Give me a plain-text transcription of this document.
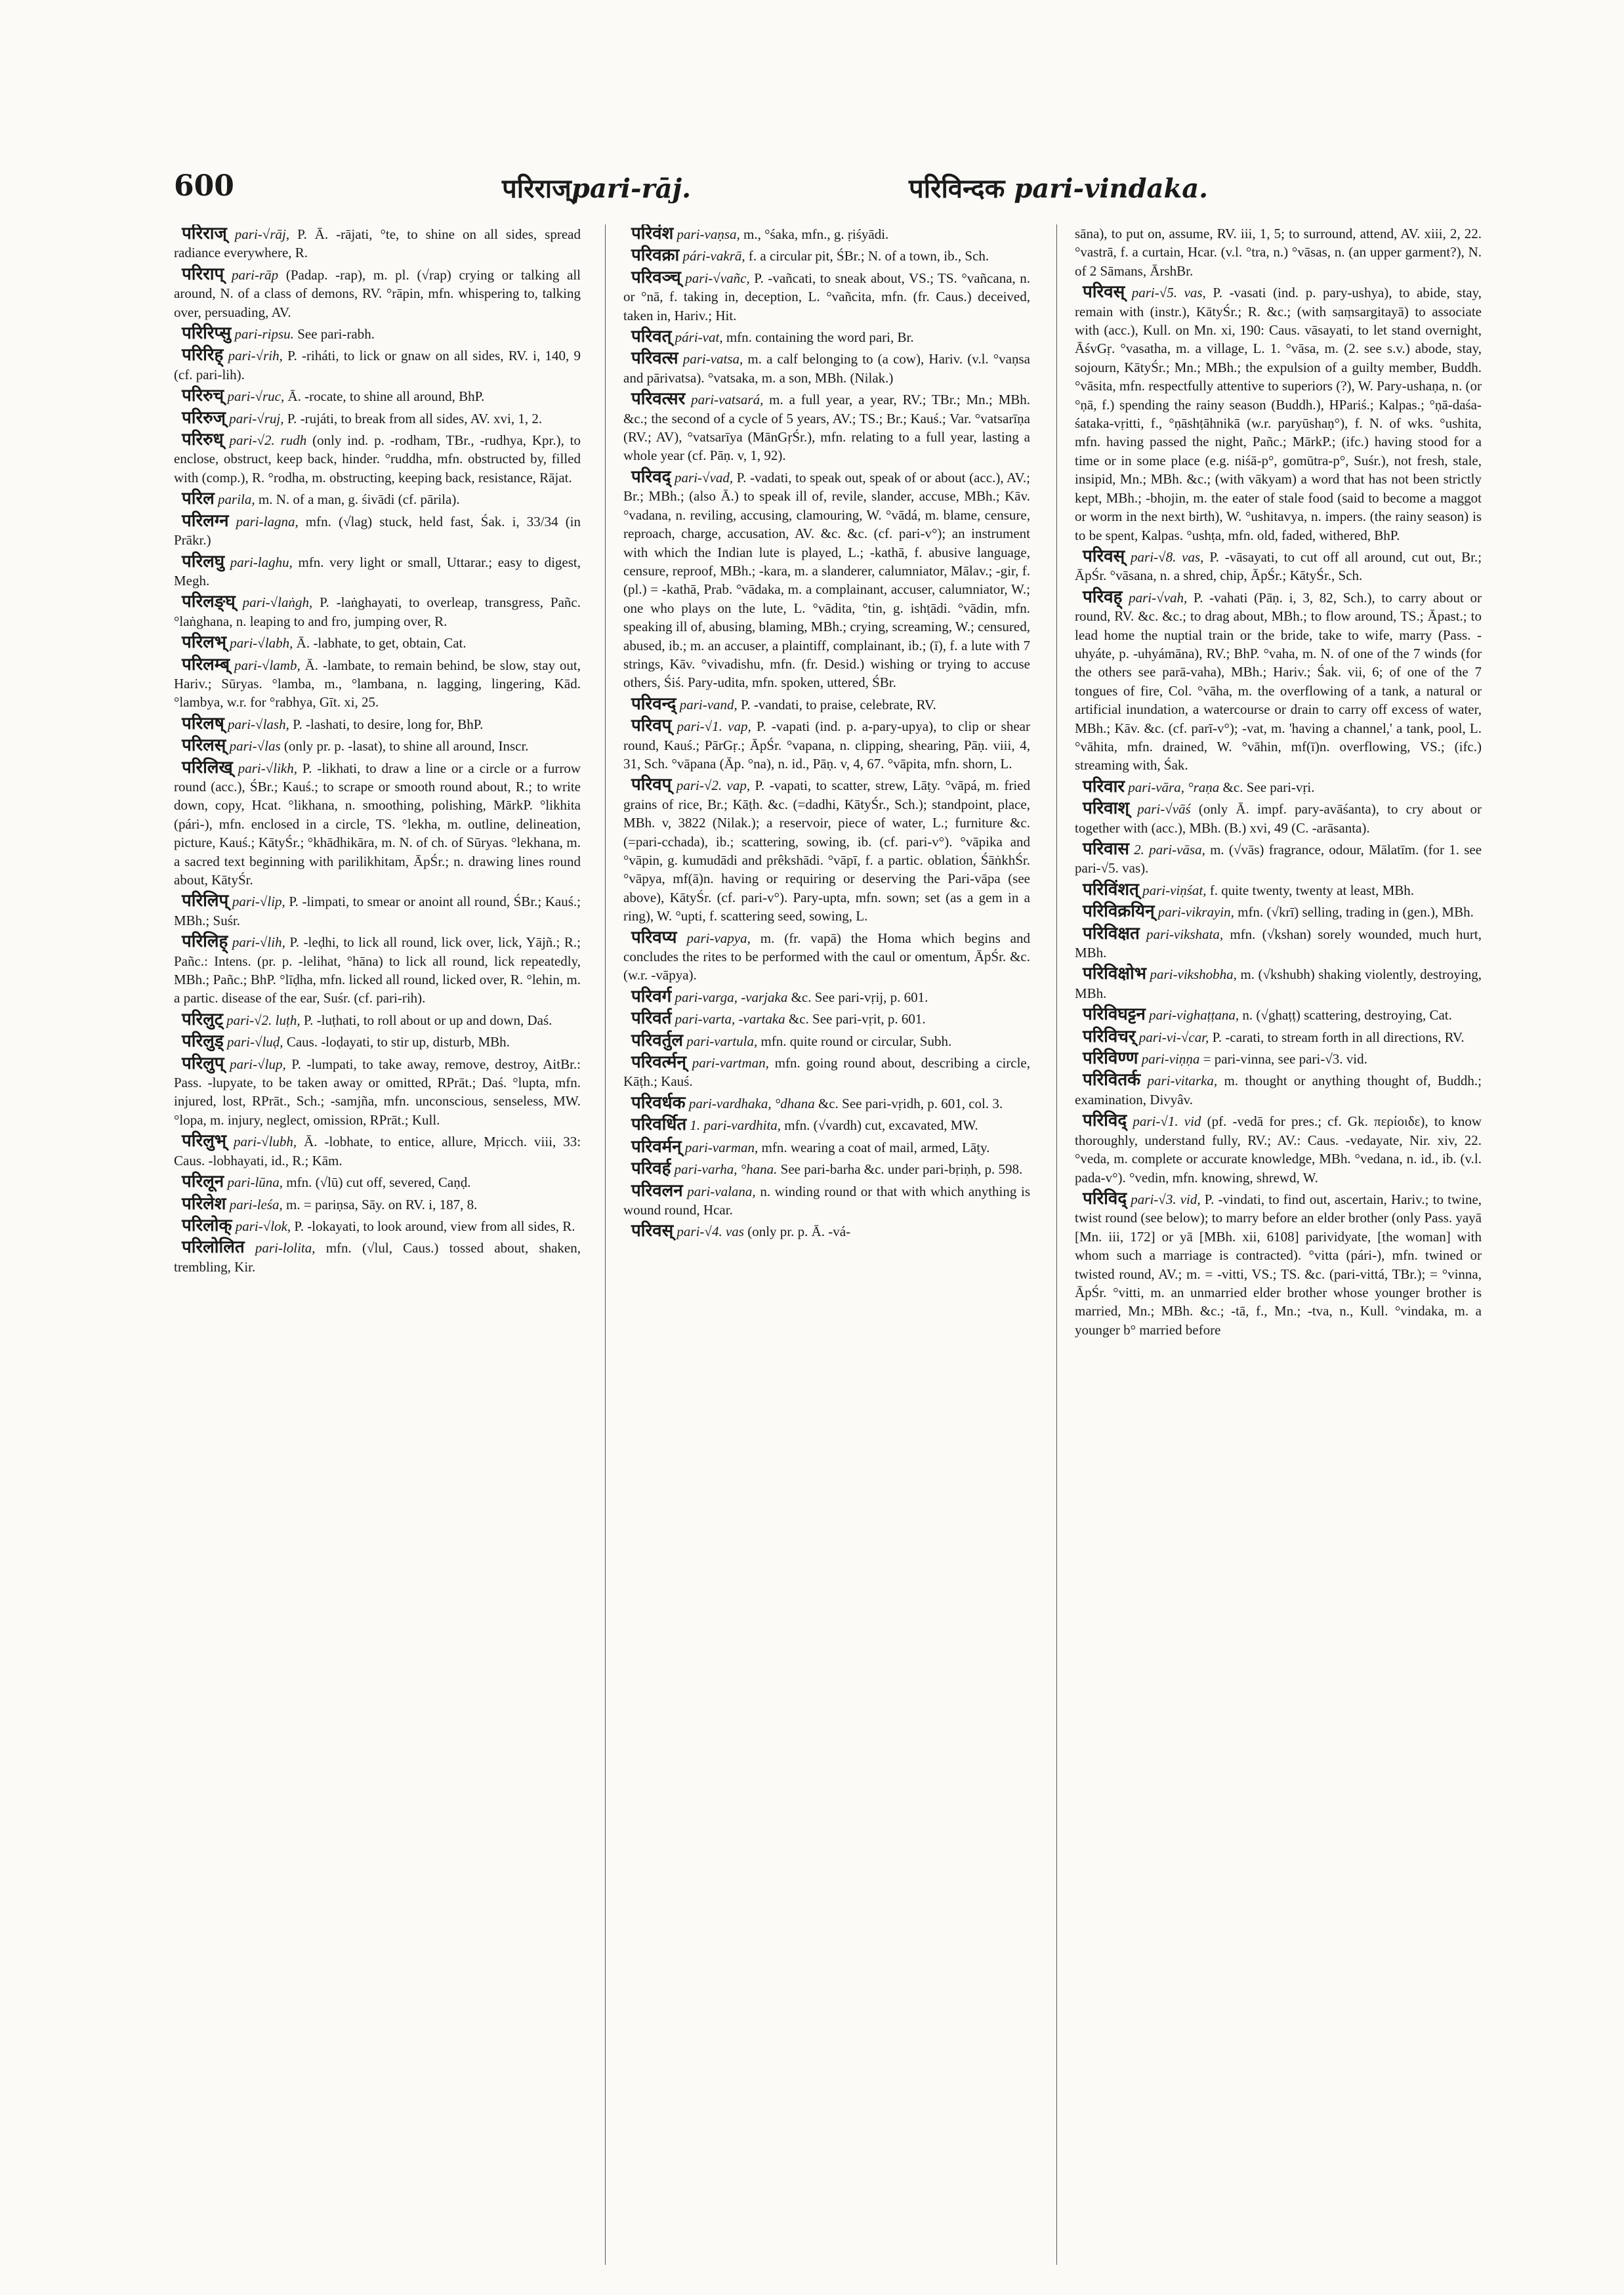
600	परिराज्pari-rāj.	परिविन्दक pari-vindaka.

परिराज् pari-√rāj, P. Ā. -rājati, °te, to shine on all sides, spread radiance everywhere, R.

परिराप् pari-rāp (Padap. -rap), m. pl. (√rap) crying or talking all around, N. of a class of demons, RV. °rāpin, mfn. whispering to, talking over, persuading, AV.

परिरिप्सु pari-ripsu. See pari-rabh.

परिरिह् pari-√rih, P. -riháti, to lick or gnaw on all sides, RV. i, 140, 9 (cf. pari-lih).

परिरुच् pari-√ruc, Ā. -rocate, to shine all around, BhP.

परिरुज् pari-√ruj, P. -rujáti, to break from all sides, AV. xvi, 1, 2.

परिरुध् pari-√2. rudh (only ind. p. -rodham, TBr., -rudhya, Kpr.), to enclose, obstruct, keep back, hinder. °ruddha, mfn. obstructed by, filled with (comp.), R. °rodha, m. obstructing, keeping back, resistance, Rājat.

परिल parila, m. N. of a man, g. śivādi (cf. pārila).

परिलग्न pari-lagna, mfn. (√lag) stuck, held fast, Śak. i, 33/34 (in Prākr.)

परिलघु pari-laghu, mfn. very light or small, Uttarar.; easy to digest, Megh.

परिलङ्घ् pari-√laṅgh, P. -laṅghayati, to overleap, transgress, Pañc. °laṅghana, n. leaping to and fro, jumping over, R.

परिलभ् pari-√labh, Ā. -labhate, to get, obtain, Cat.

परिलम्ब् pari-√lamb, Ā. -lambate, to remain behind, be slow, stay out, Hariv.; Sūryas. °lamba, m., °lambana, n. lagging, lingering, Kād. °lambya, w.r. for °rabhya, Gīt. xi, 25.

परिलष् pari-√lash, P. -lashati, to desire, long for, BhP.

परिलस् pari-√las (only pr. p. -lasat), to shine all around, Inscr.

परिलिख् pari-√likh, P. -likhati, to draw a line or a circle or a furrow round (acc.), ŚBr.; Kauś.; to scrape or smooth round about, R.; to write down, copy, Hcat. °likhana, n. smoothing, polishing, MārkP. °likhita (pári-), mfn. enclosed in a circle, TS. °lekha, m. outline, delineation, picture, Kauś.; KātyŚr.; °khādhikāra, m. N. of ch. of Sūryas. °lekhana, m. a sacred text beginning with parilikhitam, ĀpŚr.; n. drawing lines round about, KātyŚr.

परिलिप् pari-√lip, P. -limpati, to smear or anoint all round, ŚBr.; Kauś.; MBh.; Suśr.

परिलिह् pari-√lih, P. -leḍhi, to lick all round, lick over, lick, Yājñ.; R.; Pañc.: Intens. (pr. p. -lelihat, °hāna) to lick all round, lick repeatedly, MBh.; Pañc.; BhP. °līḍha, mfn. licked all round, licked over, R. °lehin, m. a partic. disease of the ear, Suśr. (cf. pari-rih).

परिलुट् pari-√2. luṭh, P. -luṭhati, to roll about or up and down, Daś.

परिलुड् pari-√luḍ, Caus. -loḍayati, to stir up, disturb, MBh.

परिलुप् pari-√lup, P. -lumpati, to take away, remove, destroy, AitBr.: Pass. -lupyate, to be taken away or omitted, RPrāt.; Daś. °lupta, mfn. injured, lost, RPrāt., Sch.; -samjña, mfn. unconscious, senseless, MW. °lopa, m. injury, neglect, omission, RPrāt.; Kull.

परिलुभ् pari-√lubh, Ā. -lobhate, to entice, allure, Mṛicch. viii, 33: Caus. -lobhayati, id., R.; Kām.

परिलून pari-lūna, mfn. (√lū) cut off, severed, Caṇḍ.

परिलेश pari-leśa, m. = pariṇsa, Sāy. on RV. i, 187, 8.

परिलोक् pari-√lok, P. -lokayati, to look around, view from all sides, R.

परिलोलित pari-lolita, mfn. (√lul, Caus.) tossed about, shaken, trembling, Kir.

परिवंश pari-vaṇsa, m., °śaka, mfn., g. ṛiśyādi.

परिवक्रा pári-vakrā, f. a circular pit, ŚBr.; N. of a town, ib., Sch.

परिवञ्च् pari-√vañc, P. -vañcati, to sneak about, VS.; TS. °vañcana, n. or °nā, f. taking in, deception, L. °vañcita, mfn. (fr. Caus.) deceived, taken in, Hariv.; Hit.

परिवत् pári-vat, mfn. containing the word pari, Br.

परिवत्स pari-vatsa, m. a calf belonging to (a cow), Hariv. (v.l. °vaṇsa and pārivatsa). °vatsaka, m. a son, MBh. (Nilak.)

परिवत्सर pari-vatsará, m. a full year, a year, RV.; TBr.; Mn.; MBh. &c.; the second of a cycle of 5 years, AV.; TS.; Br.; Kauś.; Var. °vatsarīṇa (RV.; AV), °vatsarīya (MānGṛŚr.), mfn. relating to a full year, lasting a whole year (cf. Pāṇ. v, 1, 92).

परिवद् pari-√vad, P. -vadati, to speak out, speak of or about (acc.), AV.; Br.; MBh.; (also Ā.) to speak ill of, revile, slander, accuse, MBh.; Kāv. °vadana, n. reviling, accusing, clamouring, W. °vādá, m. blame, censure, reproach, charge, accusation, AV. &c. &c. (cf. pari-v°); an instrument with which the Indian lute is played, L.; -kathā, f. abusive language, censure, reproof, MBh.; -kara, m. a slanderer, calumniator, Mālav.; -gir, f. (pl.) = -kathā, Prab. °vādaka, m. a complainant, accuser, calumniator, W.; one who plays on the lute, L. °vādita, °tin, g. ishṭādi. °vādin, mfn. speaking ill of, abusing, blaming, MBh.; crying, screaming, W.; censured, abused, ib.; m. an accuser, a plaintiff, complainant, ib.; (ī), f. a lute with 7 strings, Kāv. °vivadishu, mfn. (fr. Desid.) wishing or trying to accuse others, Śiś. Pary-udita, mfn. spoken, uttered, ŚBr.

परिवन्द् pari-vand, P. -vandati, to praise, celebrate, RV.

परिवप् pari-√1. vap, P. -vapati (ind. p. a-pary-upya), to clip or shear round, Kauś.; PārGṛ.; ĀpŚr. °vapana, n. clipping, shearing, Pāṇ. viii, 4, 31, Sch. °vāpana (Āp. °na), n. id., Pāṇ. v, 4, 67. °vāpita, mfn. shorn, L.

परिवप् pari-√2. vap, P. -vapati, to scatter, strew, Lāṭy. °vāpá, m. fried grains of rice, Br.; Kāṭh. &c. (=dadhi, KātyŚr., Sch.); standpoint, place, MBh. v, 3822 (Nilak.); a reservoir, piece of water, L.; furniture &c. (=pari-cchada), ib.; scattering, sowing, ib. (cf. pari-v°). °vāpika and °vāpin, g. kumudādi and prêkshādi. °vāpī, f. a partic. oblation, ŚāṅkhŚr. °vāpya, mf(ā)n. having or requiring or deserving the Pari-vāpa (see above), KātyŚr. (cf. pari-v°). Pary-upta, mfn. sown; set (as a gem in a ring), W. °upti, f. scattering seed, sowing, L.

परिवप्य pari-vapya, m. (fr. vapā) the Homa which begins and concludes the rites to be performed with the caul or omentum, ĀpŚr. &c. (w.r. -vāpya).

परिवर्ग pari-varga, -varjaka &c. See pari-vṛij, p. 601.

परिवर्त pari-varta, -vartaka &c. See pari-vṛit, p. 601.

परिवर्तुल pari-vartula, mfn. quite round or circular, Subh.

परिवर्त्मन् pari-vartman, mfn. going round about, describing a circle, Kāṭh.; Kauś.

परिवर्धक pari-vardhaka, °dhana &c. See pari-vṛidh, p. 601, col. 3.

परिवर्धित 1. pari-vardhita, mfn. (√vardh) cut, excavated, MW.

परिवर्मन् pari-varman, mfn. wearing a coat of mail, armed, Lāṭy.

परिवर्ह pari-varha, °hana. See pari-barha &c. under pari-bṛiṇh, p. 598.

परिवलन pari-valana, n. winding round or that with which anything is wound round, Hcar.

परिवस् pari-√4. vas (only pr. p. Ā. -vá-

sāna), to put on, assume, RV. iii, 1, 5; to surround, attend, AV. xiii, 2, 22. °vastrā, f. a curtain, Hcar. (v.l. °tra, n.) °vāsas, n. (an upper garment?), N. of 2 Sāmans, ĀrshBr.

परिवस् pari-√5. vas, P. -vasati (ind. p. pary-ushya), to abide, stay, remain with (instr.), KātyŚr.; R. &c.; (with saṃsargitayā) to associate with (acc.), Kull. on Mn. xi, 190: Caus. vāsayati, to let stand overnight, ĀśvGṛ. °vasatha, m. a village, L. 1. °vāsa, m. (2. see s.v.) abode, stay, sojourn, KātyŚr.; Mn.; MBh.; the expulsion of a guilty member, Buddh. °vāsita, mfn. respectfully attentive to superiors (?), W. Pary-ushaṇa, n. (or °ṇā, f.) spending the rainy season (Buddh.), HPariś.; Kalpas.; °ṇā-daśa-śataka-vṛitti, f., °ṇāshṭāhnikā (w.r. paryūshaṇ°), f. N. of wks. °ushita, mfn. having passed the night, Pañc.; MārkP.; (ifc.) having stood for a time or in some place (e.g. niśā-p°, gomūtra-p°, Suśr.), not fresh, stale, insipid, Mn.; MBh. &c.; (with vākyam) a word that has not been strictly kept, MBh.; -bhojin, m. the eater of stale food (said to become a maggot or worm in the next birth), W. °ushitavya, n. impers. (the rainy season) is to be spent, Kalpas. °ushṭa, mfn. old, faded, withered, BhP.

परिवस् pari-√8. vas, P. -vāsayati, to cut off all around, cut out, Br.; ĀpŚr. °vāsana, n. a shred, chip, ĀpŚr.; KātyŚr., Sch.

परिवह् pari-√vah, P. -vahati (Pāṇ. i, 3, 82, Sch.), to carry about or round, RV. &c. &c.; to drag about, MBh.; to flow around, TS.; Āpast.; to lead home the nuptial train or the bride, take to wife, marry (Pass. -uhyáte, p. -uhyámāna), RV.; BhP. °vaha, m. N. of one of the 7 winds (for the others see parā-vaha), MBh.; Hariv.; Śak. vii, 6; of one of the 7 tongues of fire, Col. °vāha, m. the overflowing of a tank, a natural or artificial inundation, a watercourse or drain to carry off excess of water, MBh.; Kāv. &c. (cf. parī-v°); -vat, m. 'having a channel,' a tank, pool, L. °vāhita, mfn. drained, W. °vāhin, mf(ī)n. overflowing, VS.; (ifc.) streaming with, Śak.

परिवार pari-vāra, °raṇa &c. See pari-vṛi.

परिवाश् pari-√vāś (only Ā. impf. pary-avāśanta), to cry about or together with (acc.), MBh. (B.) xvi, 49 (C. -arāsanta).

परिवास 2. pari-vāsa, m. (√vās) fragrance, odour, Mālatīm. (for 1. see pari-√5. vas).

परिविंशत् pari-viṇśat, f. quite twenty, twenty at least, MBh.

परिविक्रयिन् pari-vikrayin, mfn. (√krī) selling, trading in (gen.), MBh.

परिविक्षत pari-vikshata, mfn. (√kshan) sorely wounded, much hurt, MBh.

परिविक्षोभ pari-vikshobha, m. (√kshubh) shaking violently, destroying, MBh.

परिविघट्टन pari-vighaṭṭana, n. (√ghaṭṭ) scattering, destroying, Cat.

परिविचर् pari-vi-√car, P. -carati, to stream forth in all directions, RV.

परिविण्ण pari-viṇṇa = pari-vinna, see pari-√3. vid.

परिवितर्क pari-vitarka, m. thought or anything thought of, Buddh.; examination, Divyâv.

परिविद् pari-√1. vid (pf. -vedā for pres.; cf. Gk. περίοιδε), to know thoroughly, understand fully, RV.; AV.: Caus. -vedayate, Nir. xiv, 22. °veda, m. complete or accurate knowledge, MBh. °vedana, n. id., ib. (v.l. pada-v°). °vedin, mfn. knowing, shrewd, W.

परिविद् pari-√3. vid, P. -vindati, to find out, ascertain, Hariv.; to twine, twist round (see below); to marry before an elder brother (only Pass. yayā [Mn. iii, 172] or yā [MBh. xii, 6108] parividyate, [the woman] with whom such a marriage is contracted). °vitta (pári-), mfn. twined or twisted round, AV.; m. = -vitti, VS.; TS. &c. (pari-vittá, TBr.); = °vinna, ĀpŚr. °vitti, m. an unmarried elder brother whose younger brother is married, Mn.; MBh. &c.; -tā, f., Mn.; -tva, n., Kull. °vindaka, m. a younger b° married before
